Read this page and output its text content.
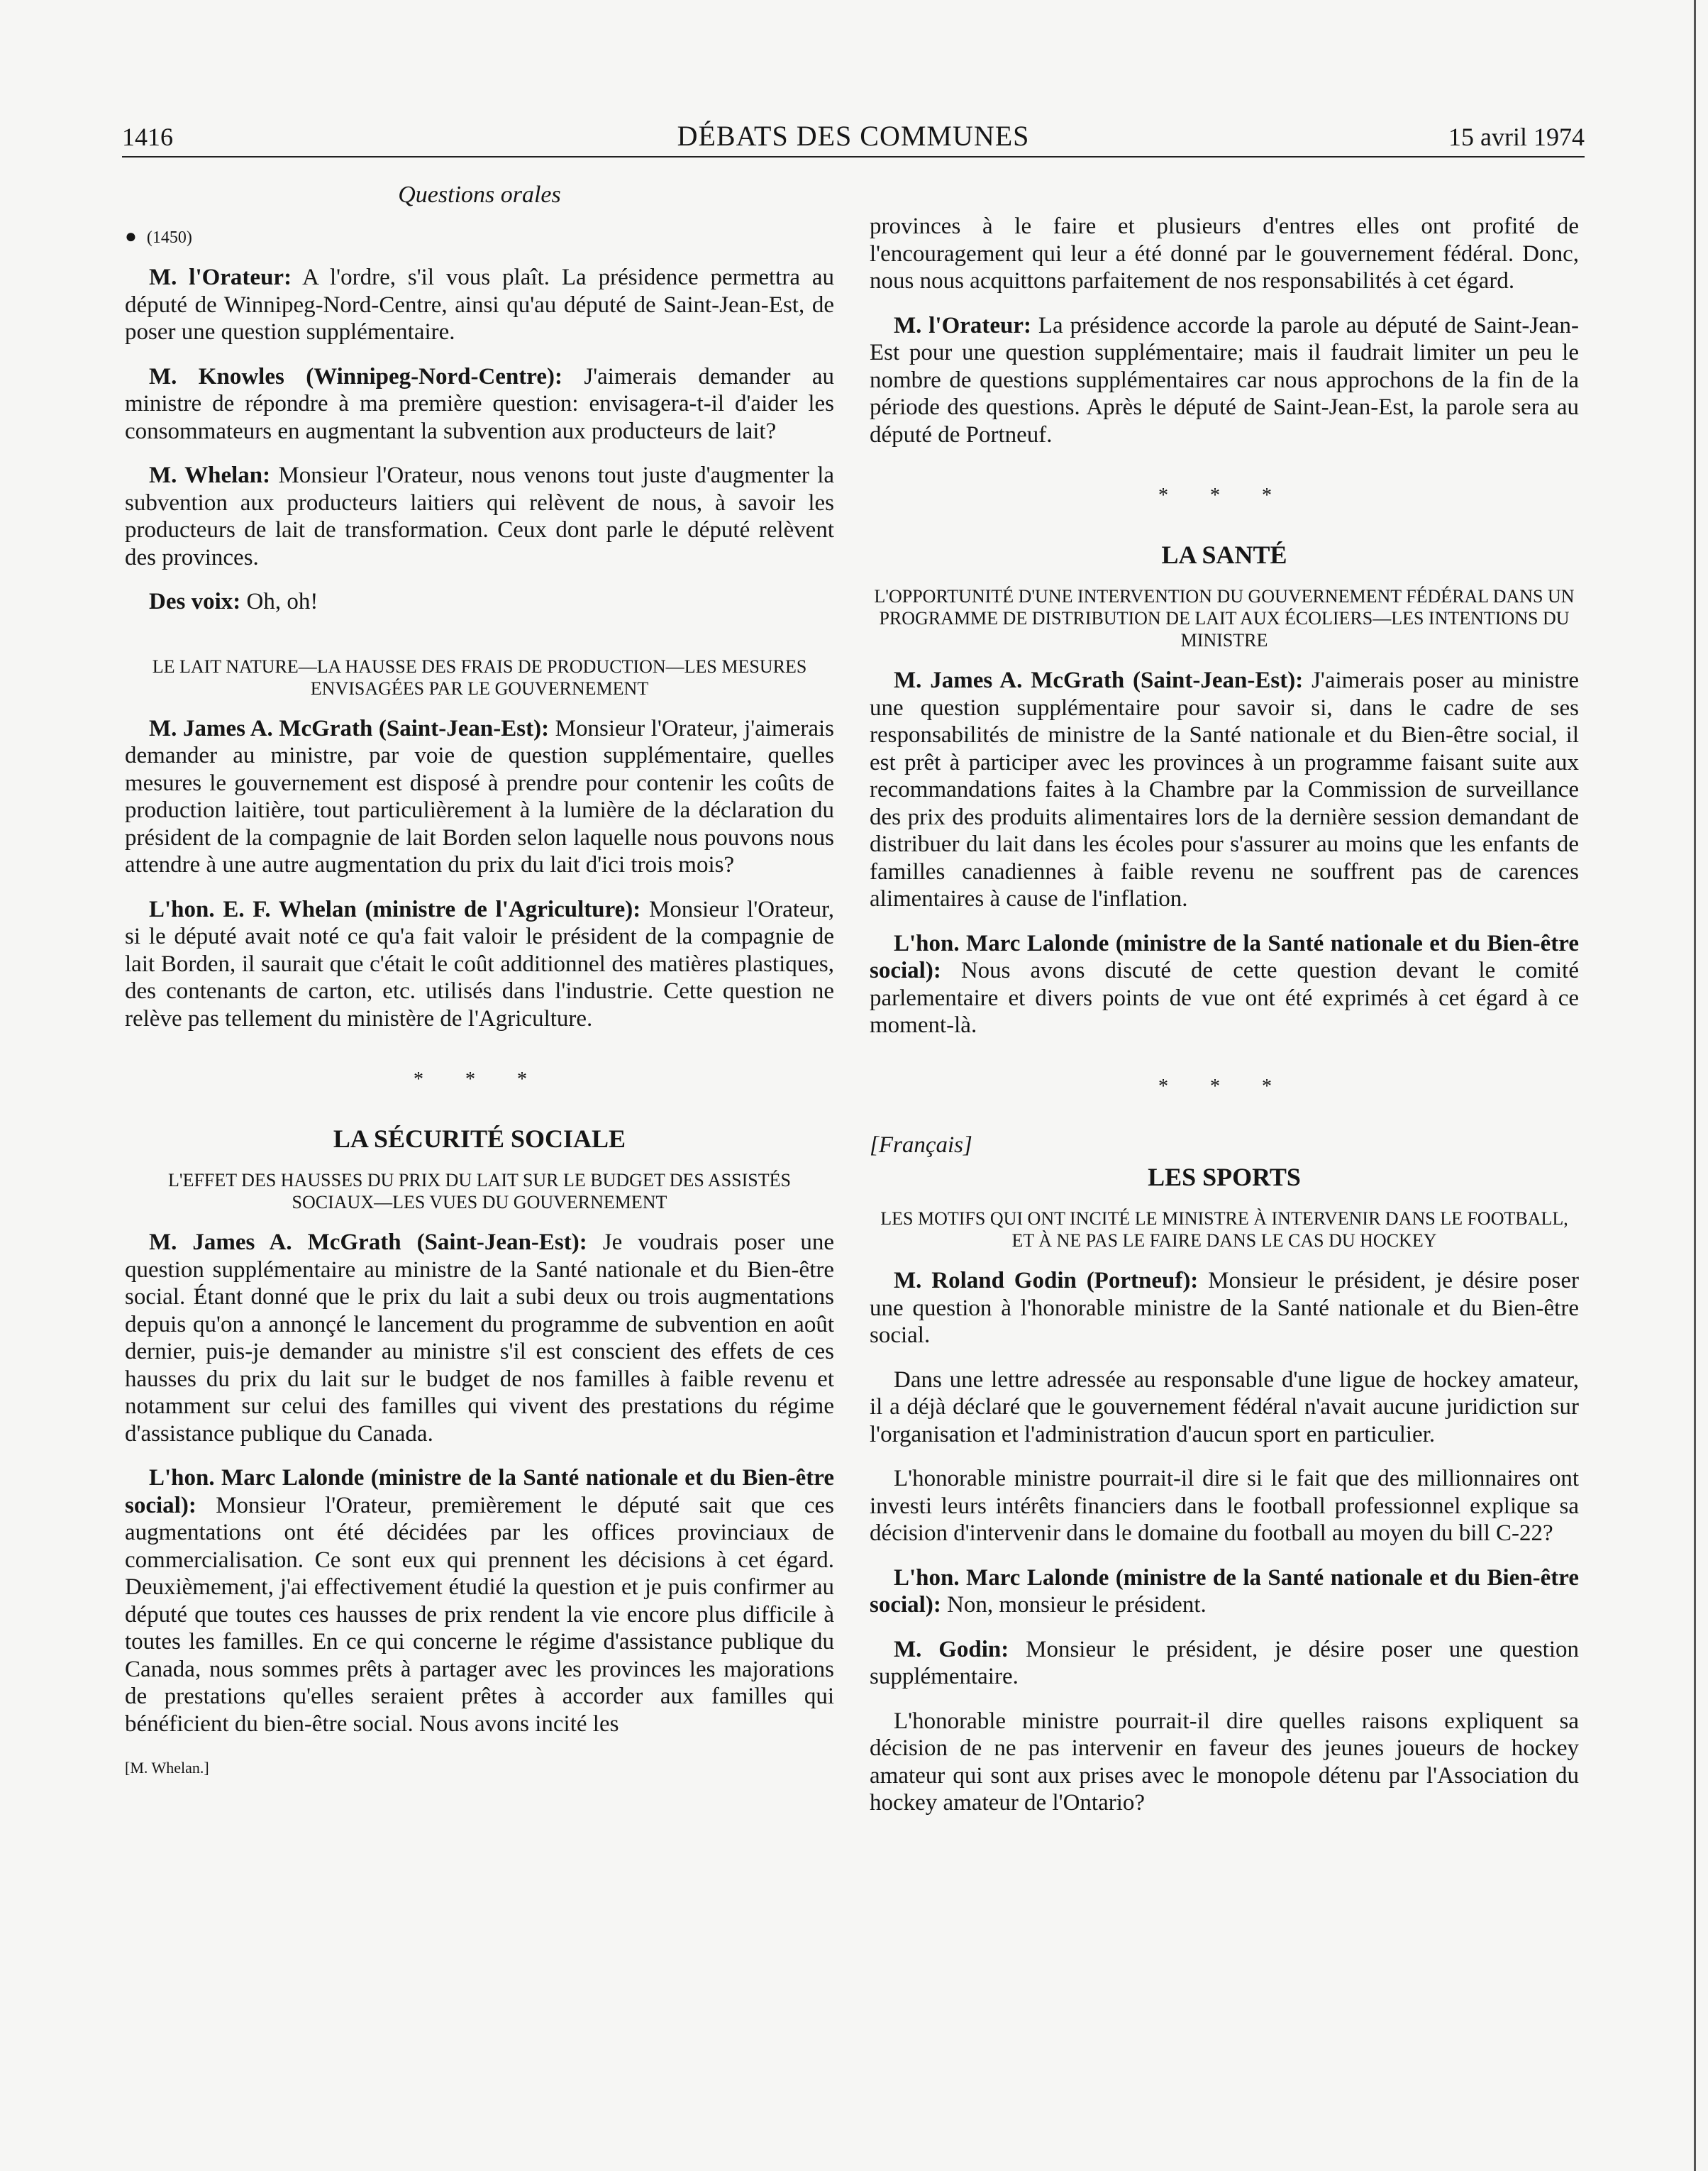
1416	DÉBATS DES COMMUNES	15 avril 1974
Questions orales
● (1450)

M. l'Orateur: A l'ordre, s'il vous plaît. La présidence permettra au député de Winnipeg-Nord-Centre, ainsi qu'au député de Saint-Jean-Est, de poser une question supplémentaire.

M. Knowles (Winnipeg-Nord-Centre): J'aimerais demander au ministre de répondre à ma première question: envisagera-t-il d'aider les consommateurs en augmentant la subvention aux producteurs de lait?

M. Whelan: Monsieur l'Orateur, nous venons tout juste d'augmenter la subvention aux producteurs laitiers qui relèvent de nous, à savoir les producteurs de lait de transformation. Ceux dont parle le député relèvent des provinces.

Des voix: Oh, oh!

LE LAIT NATURE—LA HAUSSE DES FRAIS DE PRODUCTION—LES MESURES ENVISAGÉES PAR LE GOUVERNEMENT

M. James A. McGrath (Saint-Jean-Est): Monsieur l'Orateur, j'aimerais demander au ministre, par voie de question supplémentaire, quelles mesures le gouvernement est disposé à prendre pour contenir les coûts de production laitière, tout particulièrement à la lumière de la déclaration du président de la compagnie de lait Borden selon laquelle nous pouvons nous attendre à une autre augmentation du prix du lait d'ici trois mois?

L'hon. E. F. Whelan (ministre de l'Agriculture): Monsieur l'Orateur, si le député avait noté ce qu'a fait valoir le président de la compagnie de lait Borden, il saurait que c'était le coût additionnel des matières plastiques, des contenants de carton, etc. utilisés dans l'industrie. Cette question ne relève pas tellement du ministère de l'Agriculture.

* * *
LA SÉCURITÉ SOCIALE
L'EFFET DES HAUSSES DU PRIX DU LAIT SUR LE BUDGET DES ASSISTÉS SOCIAUX—LES VUES DU GOUVERNEMENT

M. James A. McGrath (Saint-Jean-Est): Je voudrais poser une question supplémentaire au ministre de la Santé nationale et du Bien-être social. Étant donné que le prix du lait a subi deux ou trois augmentations depuis qu'on a annonçé le lancement du programme de subvention en août dernier, puis-je demander au ministre s'il est conscient des effets de ces hausses du prix du lait sur le budget de nos familles à faible revenu et notamment sur celui des familles qui vivent des prestations du régime d'assistance publique du Canada.

L'hon. Marc Lalonde (ministre de la Santé nationale et du Bien-être social): Monsieur l'Orateur, premièrement le député sait que ces augmentations ont été décidées par les offices provinciaux de commercialisation. Ce sont eux qui prennent les décisions à cet égard. Deuxièmement, j'ai effectivement étudié la question et je puis confirmer au député que toutes ces hausses de prix rendent la vie encore plus difficile à toutes les familles. En ce qui concerne le régime d'assistance publique du Canada, nous sommes prêts à partager avec les provinces les majorations de prestations qu'elles seraient prêtes à accorder aux familles qui bénéficient du bien-être social. Nous avons incité les

[M. Whelan.]

provinces à le faire et plusieurs d'entres elles ont profité de l'encouragement qui leur a été donné par le gouvernement fédéral. Donc, nous nous acquittons parfaitement de nos responsabilités à cet égard.

M. l'Orateur: La présidence accorde la parole au député de Saint-Jean-Est pour une question supplémentaire; mais il faudrait limiter un peu le nombre de questions supplémentaires car nous approchons de la fin de la période des questions. Après le député de Saint-Jean-Est, la parole sera au député de Portneuf.

* * *
LA SANTÉ
L'OPPORTUNITÉ D'UNE INTERVENTION DU GOUVERNEMENT FÉDÉRAL DANS UN PROGRAMME DE DISTRIBUTION DE LAIT AUX ÉCOLIERS—LES INTENTIONS DU MINISTRE

M. James A. McGrath (Saint-Jean-Est): J'aimerais poser au ministre une question supplémentaire pour savoir si, dans le cadre de ses responsabilités de ministre de la Santé nationale et du Bien-être social, il est prêt à participer avec les provinces à un programme faisant suite aux recommandations faites à la Chambre par la Commission de surveillance des prix des produits alimentaires lors de la dernière session demandant de distribuer du lait dans les écoles pour s'assurer au moins que les enfants de familles canadiennes à faible revenu ne souffrent pas de carences alimentaires à cause de l'inflation.

L'hon. Marc Lalonde (ministre de la Santé nationale et du Bien-être social): Nous avons discuté de cette question devant le comité parlementaire et divers points de vue ont été exprimés à cet égard à ce moment-là.

* * *
[Français]
LES SPORTS
LES MOTIFS QUI ONT INCITÉ LE MINISTRE À INTERVENIR DANS LE FOOTBALL, ET À NE PAS LE FAIRE DANS LE CAS DU HOCKEY

M. Roland Godin (Portneuf): Monsieur le président, je désire poser une question à l'honorable ministre de la Santé nationale et du Bien-être social.

Dans une lettre adressée au responsable d'une ligue de hockey amateur, il a déjà déclaré que le gouvernement fédéral n'avait aucune juridiction sur l'organisation et l'administration d'aucun sport en particulier.

L'honorable ministre pourrait-il dire si le fait que des millionnaires ont investi leurs intérêts financiers dans le football professionnel explique sa décision d'intervenir dans le domaine du football au moyen du bill C-22?

L'hon. Marc Lalonde (ministre de la Santé nationale et du Bien-être social): Non, monsieur le président.

M. Godin: Monsieur le président, je désire poser une question supplémentaire.

L'honorable ministre pourrait-il dire quelles raisons expliquent sa décision de ne pas intervenir en faveur des jeunes joueurs de hockey amateur qui sont aux prises avec le monopole détenu par l'Association du hockey amateur de l'Ontario?
